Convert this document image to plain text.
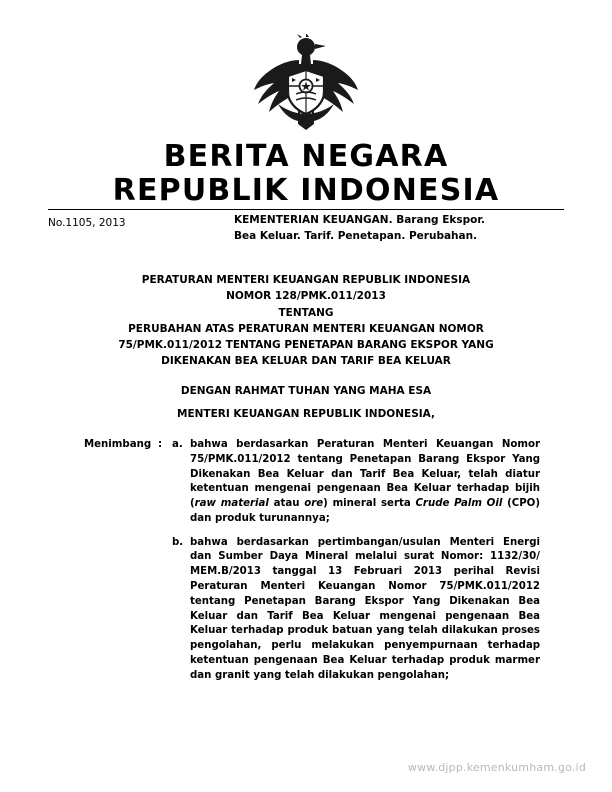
BERITA NEGARA
REPUBLIK INDONESIA
No.1105, 2013	KEMENTERIAN KEUANGAN. Barang Ekspor.
Bea Keluar. Tarif. Penetapan. Perubahan.
PERATURAN MENTERI KEUANGAN REPUBLIK INDONESIA
NOMOR 128/PMK.011/2013
TENTANG
PERUBAHAN ATAS PERATURAN MENTERI KEUANGAN NOMOR
75/PMK.011/2012 TENTANG PENETAPAN BARANG EKSPOR YANG
DIKENAKAN BEA KELUAR DAN TARIF BEA KELUAR
DENGAN RAHMAT TUHAN YANG MAHA ESA
MENTERI KEUANGAN REPUBLIK INDONESIA,
Menimbang : a. bahwa berdasarkan Peraturan Menteri Keuangan Nomor 75/PMK.011/2012 tentang Penetapan Barang Ekspor Yang Dikenakan Bea Keluar dan Tarif Bea Keluar, telah diatur ketentuan mengenai pengenaan Bea Keluar terhadap bijih (raw material atau ore) mineral serta Crude Palm Oil (CPO) dan produk turunannya;
b. bahwa berdasarkan pertimbangan/usulan Menteri Energi dan Sumber Daya Mineral melalui surat Nomor: 1132/30/ MEM.B/2013 tanggal 13 Februari 2013 perihal Revisi Peraturan Menteri Keuangan Nomor 75/PMK.011/2012 tentang Penetapan Barang Ekspor Yang Dikenakan Bea Keluar dan Tarif Bea Keluar mengenai pengenaan Bea Keluar terhadap produk batuan yang telah dilakukan proses pengolahan, perlu melakukan penyempurnaan terhadap ketentuan pengenaan Bea Keluar terhadap produk marmer dan granit yang telah dilakukan pengolahan;
www.djpp.kemenkumham.go.id
